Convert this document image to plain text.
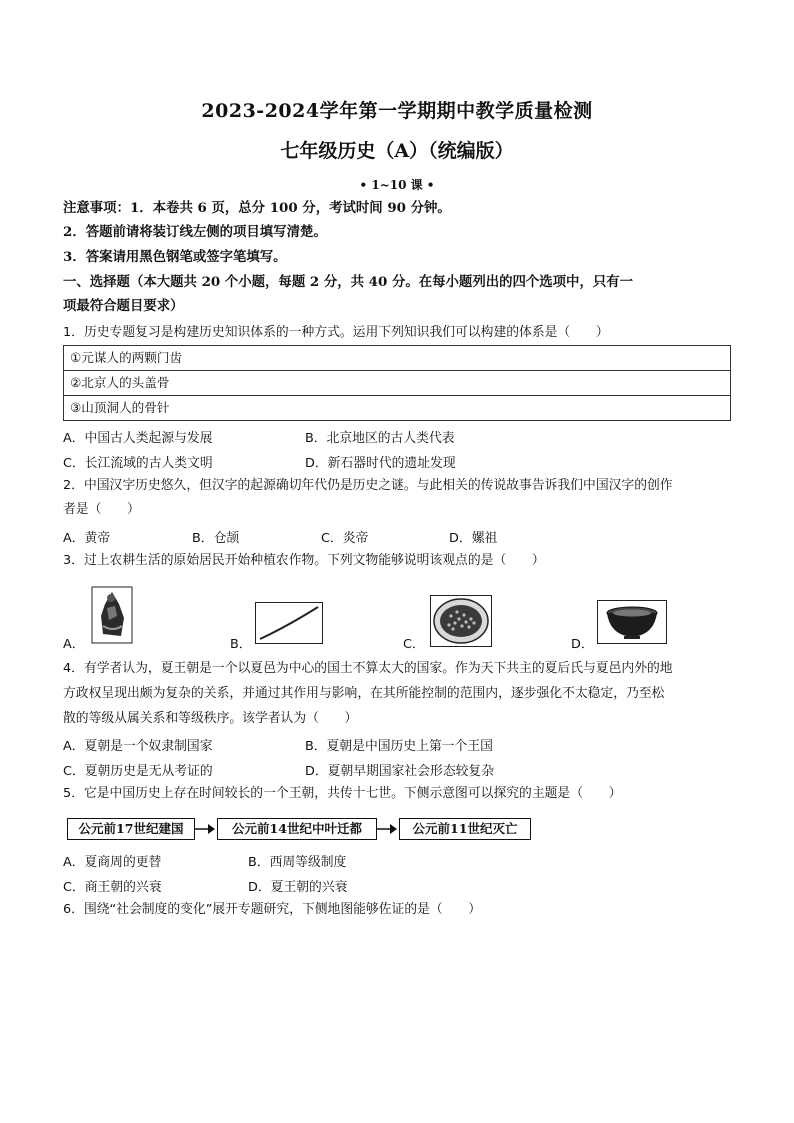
2023-2024学年第一学期期中教学质量检测
七年级历史（A）（统编版）
• 1~10 课 •
注意事项：1．本卷共 6 页，总分 100 分，考试时间 90 分钟。
2．答题前请将装订线左侧的项目填写清楚。
3．答案请用黑色钢笔或签字笔填写。
一、选择题（本大题共 20 个小题，每题 2 分，共 40 分。在每小题列出的四个选项中，只有一
项最符合题目要求）
1．历史专题复习是构建历史知识体系的一种方式。运用下列知识我们可以构建的体系是（　　）
①元谋人的两颗门齿
②北京人的头盖骨
③山顶洞人的骨针
A．中国古人类起源与发展	B．北京地区的古人类代表
C．长江流域的古人类文明	D．新石器时代的遗址发现
2．中国汉字历史悠久，但汉字的起源确切年代仍是历史之谜。与此相关的传说故事告诉我们中国汉字的创作
者是（　　）
A．黄帝	B．仓颉	C．炎帝	D．嫘祖
3．过上农耕生活的原始居民开始种植农作物。下列文物能够说明该观点的是（　　）
A．	B．	C．	D．
4．有学者认为，夏王朝是一个以夏邑为中心的国土不算太大的国家。作为天下共主的夏后氏与夏邑内外的地
方政权呈现出颇为复杂的关系，并通过其作用与影响，在其所能控制的范围内，逐步强化不太稳定，乃至松
散的等级从属关系和等级秩序。该学者认为（　　）
A．夏朝是一个奴隶制国家	B．夏朝是中国历史上第一个王国
C．夏朝历史是无从考证的	D．夏朝早期国家社会形态较复杂
5．它是中国历史上存在时间较长的一个王朝，共传十七世。下侧示意图可以探究的主题是（　　）
公元前17世纪建国	公元前14世纪中叶迁都	公元前11世纪灭亡
A．夏商周的更替	B．西周等级制度
C．商王朝的兴衰	D．夏王朝的兴衰
6．围绕“社会制度的变化”展开专题研究，下侧地图能够佐证的是（　　）
